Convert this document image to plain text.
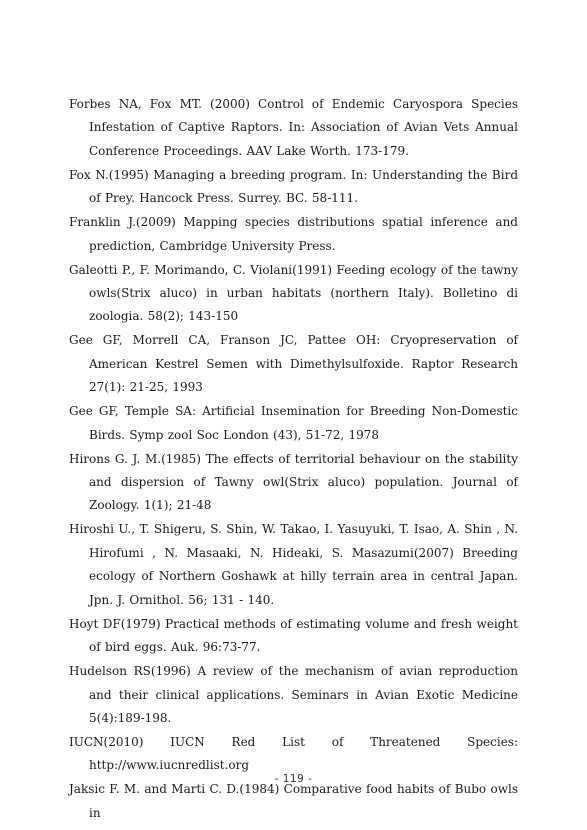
Forbes NA, Fox MT. (2000) Control of Endemic Caryospora Species Infestation of Captive Raptors. In: Association of Avian Vets Annual Conference Proceedings. AAV Lake Worth. 173-179.
Fox N.(1995) Managing a breeding program. In: Understanding the Bird of Prey. Hancock Press. Surrey. BC. 58-111.
Franklin J.(2009) Mapping species distributions spatial inference and prediction, Cambridge University Press.
Galeotti P., F. Morimando, C. Violani(1991) Feeding ecology of the tawny owls(Strix aluco) in urban habitats (northern Italy). Bolletino di zoologia. 58(2); 143-150
Gee GF, Morrell CA, Franson JC, Pattee OH: Cryopreservation of American Kestrel Semen with Dimethylsulfoxide. Raptor Research 27(1): 21-25, 1993
Gee GF, Temple SA: Artificial Insemination for Breeding Non-Domestic Birds. Symp zool Soc London (43), 51-72, 1978
Hirons G. J. M.(1985) The effects of territorial behaviour on the stability and dispersion of Tawny owl(Strix aluco) population. Journal of Zoology. 1(1); 21-48
Hiroshi U., T. Shigeru, S. Shin, W. Takao, I. Yasuyuki, T. Isao, A. Shin , N. Hirofumi , N. Masaaki, N. Hideaki, S. Masazumi(2007) Breeding ecology of Northern Goshawk at hilly terrain area in central Japan. Jpn. J. Ornithol. 56; 131 - 140.
Hoyt DF(1979) Practical methods of estimating volume and fresh weight of bird eggs. Auk. 96:73-77.
Hudelson RS(1996) A review of the mechanism of avian reproduction and their clinical applications. Seminars in Avian Exotic Medicine 5(4):189-198.
IUCN(2010) IUCN Red List of Threatened Species: http://www.iucnredlist.org
Jaksic F. M. and Marti C. D.(1984) Comparative food habits of Bubo owls in
- 119 -
